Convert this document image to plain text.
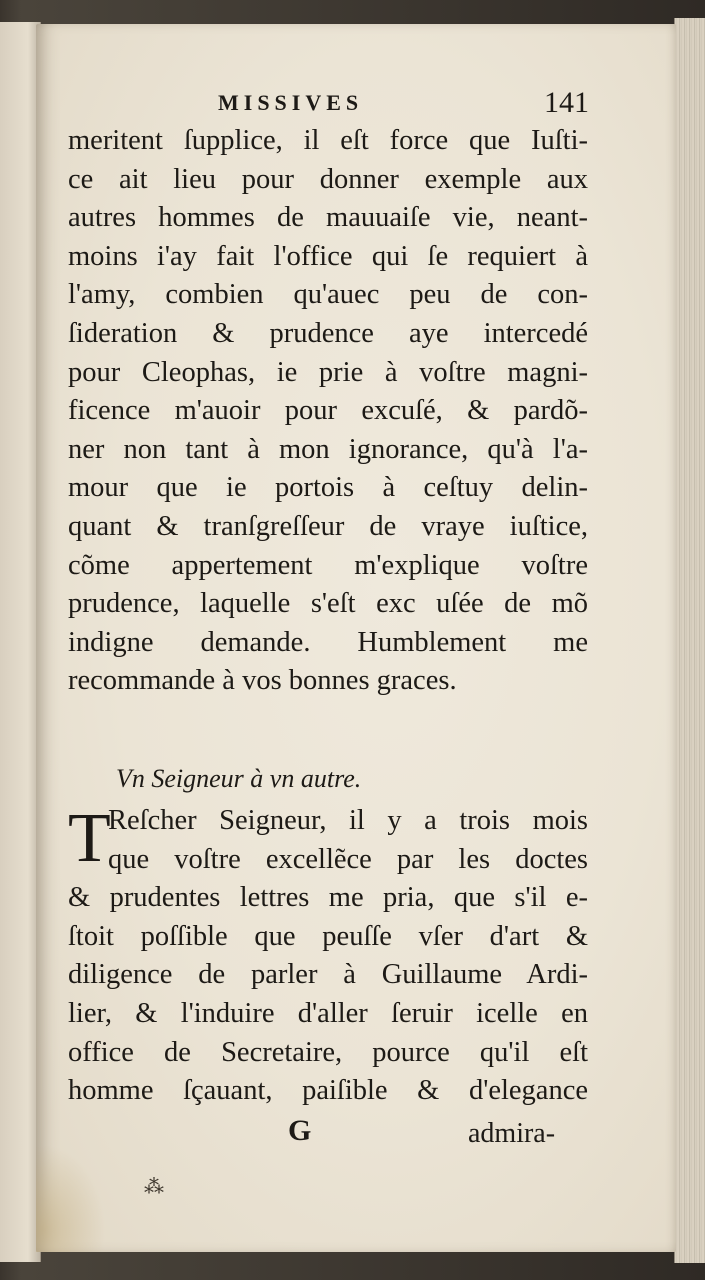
MISSIVES	141
meritent ſupplice, il eſt force que Iuſti-
ce ait lieu pour donner exemple aux
autres hommes de mauuaiſe vie, neant-
moins i'ay fait l'office qui ſe requiert à
l'amy, combien qu'auec peu de con-
ſideration & prudence aye intercedé
pour Cleophas, ie prie à voſtre magni-
ficence m'auoir pour excuſé, & pardõ-
ner non tant à mon ignorance, qu'à l'a-
mour que ie portois à ceſtuy delin-
quant & tranſgreſſeur de vraye iuſtice,
cõme appertement m'explique voſtre
prudence, laquelle s'eſt exc uſée de mõ
indigne demande. Humblement me
recommande à vos bonnes graces.
Vn Seigneur à vn autre.
T
Reſcher Seigneur, il y a trois mois
que voſtre excellẽce par les doctes
& prudentes lettres me pria, que s'il e-
ſtoit poſſible que peuſſe vſer d'art &
diligence de parler à Guillaume Ardi-
lier, & l'induire d'aller ſeruir icelle en
office de Secretaire, pource qu'il eſt
homme ſçauant, paiſible & d'elegance
G	admira-
⁂
